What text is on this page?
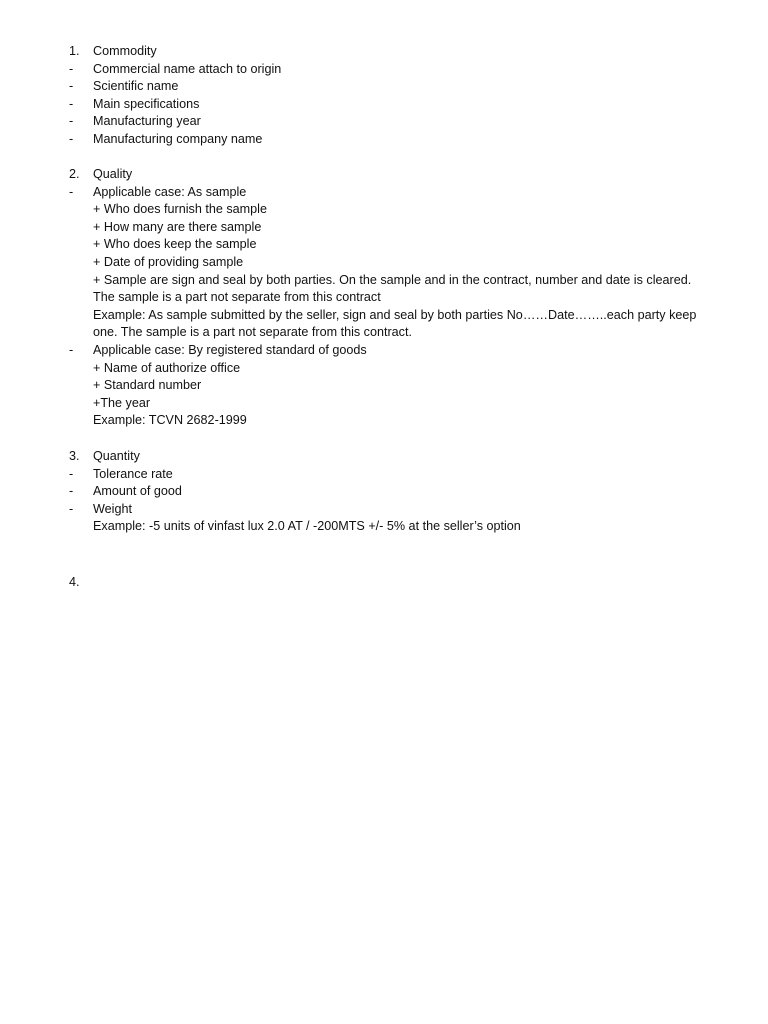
1. Commodity
- Commercial name attach to origin
- Scientific name
- Main specifications
- Manufacturing year
- Manufacturing company name
2. Quality
- Applicable case: As sample
+ Who does furnish the sample
+ How many are there sample
+ Who does keep the sample
+ Date of providing sample
+ Sample are sign and seal by both parties. On the sample and in the contract, number and date is cleared.
The sample is a part not separate from this contract
Example: As sample submitted by the seller, sign and seal by both parties No……Date……..each party keep
one. The sample is a part not separate from this contract.
- Applicable case: By registered standard of goods
+ Name of authorize office
+ Standard number
+The year
Example: TCVN 2682-1999
3. Quantity
- Tolerance rate
- Amount of good
- Weight
Example: -5 units of vinfast lux 2.0 AT / -200MTS +/- 5% at the seller’s option
4.
